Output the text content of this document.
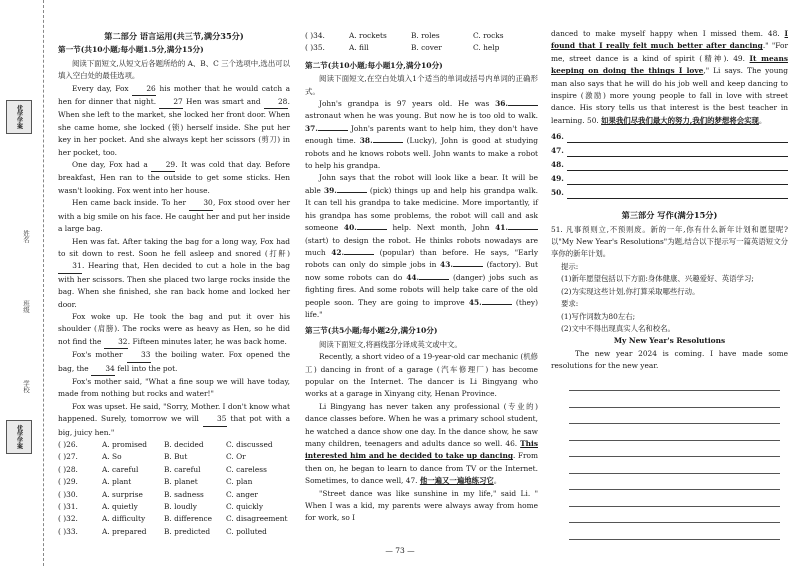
优学学案
姓名
班级
学校
优学学案
第二部分 语言运用(共三节,满分35分)
第一节(共10小题;每小题1.5分,满分15分)
阅读下面短文,从短文后各题所给的 A、B、C 三个选项中,选出可以填入空白处的最佳选项。
Every day, Fox 26 his mother that he would catch a hen for dinner that night. 27 Hen was smart and 28. When she left to the market, she locked her front door. When she came home, she locked (锁) herself inside. She put her key in her pocket. And she always kept her scissors (剪刀) in her pocket, too.
One day, Fox had a 29. It was cold that day. Before breakfast, Hen ran to the outside to get some sticks. Hen wasn't looking. Fox went into her house.
Hen came back inside. To her 30, Fox stood over her with a big smile on his face. He caught her and put her inside a large bag.
Hen was fat. After taking the bag for a long way, Fox had to sit down to rest. Soon he fell asleep and snored (打鼾) 31. Hearing that, Hen decided to cut a hole in the bag with her scissors. Then she placed two large rocks inside the bag. When she finished, she ran back home and locked her door.
Fox woke up. He took the bag and put it over his shoulder (肩膀). The rocks were as heavy as Hen, so he did not find the 32. Fifteen minutes later, he was back home.
Fox's mother 33 the boiling water. Fox opened the bag, the 34 fell into the pot.
Fox's mother said, "What a fine soup we will have today, made from nothing but rocks and water!"
Fox was upset. He said, "Sorry, Mother. I don't know what happened. Surely, tomorrow we will 35 that pot with a big, juicy hen."
( )26.	A. promised	B. decided	C. discussed
( )27.	A. So	B. But	C. Or
( )28.	A. careful	B. careful	C. careless
( )29.	A. plant	B. planet	C. plan
( )30.	A. surprise	B. sadness	C. anger
( )31.	A. quietly	B. loudly	C. quickly
( )32.	A. difficulty	B. difference	C. disagreement
( )33.	A. prepared	B. predicted	C. polluted
( )34.	A. rockets	B. roles	C. rocks
( )35.	A. fill	B. cover	C. help
第二节(共10小题;每小题1分,满分10分)
阅读下面短文,在空白处填入1个适当的单词或括号内单词的正确形式。
John's grandpa is 97 years old. He was 36. astronaut when he was young. But now he is too old to walk. 37.	John's parents want to help him, they don't have enough time. 38.	(Lucky), John is good at studying robots and he knows robots well. John wants to make a robot to help his grandpa.
John says that the robot will look like a bear. It will be able 39.	(pick) things up and help his grandpa walk. It can tell his grandpa to take medicine. More importantly, if his grandpa has some problems, the robot will call and ask someone 40.	help. Next month, John 41. (start) to design the robot. He thinks robots nowadays are much 42.	(popular) than before. He says, "Early robots can only do simple jobs in 43.	(factory). But now some robots can do 44.	(danger) jobs such as fighting fires. And some robots will help take care of the old people soon. They are going to improve 45.	(they) life."
第三节(共5小题;每小题2分,满分10分)
阅读下面短文,将画线部分译成英文或中文。
Recently, a short video of a 19-year-old car mechanic (机修工) dancing in front of a garage (汽车修理厂) has become popular on the Internet. The dancer is Li Bingyang who works at a garage in Xinyang city, Henan Province.
Li Bingyang has never taken any professional (专业的) dance classes before. When he was a primary school student, he watched a dance show one day. In the dance show, he saw many children, teenagers and adults dance so well. 46. This interested him and he decided to take up dancing. From then on, he began to learn to dance from TV or the Internet. Sometimes, to dance well, 47. 他一遍又一遍地练习它。
"Street dance was like sunshine in my life," said Li. " When I was a kid, my parents were always away from home for work, so I
danced to make myself happy when I missed them. 48. I found that I really felt much better after dancing." "For me, street dance is a kind of spirit (精神). 49. It means keeping on doing the things I love," Li says. The young man also says that he will do his job well and keep dancing to inspire (激励) more young people to fall in love with street dance. His story tells us that interest is the best teacher in learning. 50. 如果我们尽我们最大的努力,我们的梦想将会实现。
46.
47.
48.
49.
50.
第三部分 写作(满分15分)
51. 凡事预则立,不预则废。新的一年,你有什么新年计划和愿望呢?以"My New Year's Resolutions"为题,结合以下提示写一篇英语短文分享你的新年计划。
提示:
(1)新年愿望包括以下方面:身体健康、兴趣爱好、英语学习;
(2)为实现这些计划,你打算采取哪些行动。
要求:
(1)写作词数为80左右;
(2)文中不得出现真实人名和校名。
My New Year's Resolutions
The new year 2024 is coming. I have made some resolutions for the new year.
— 73 —
